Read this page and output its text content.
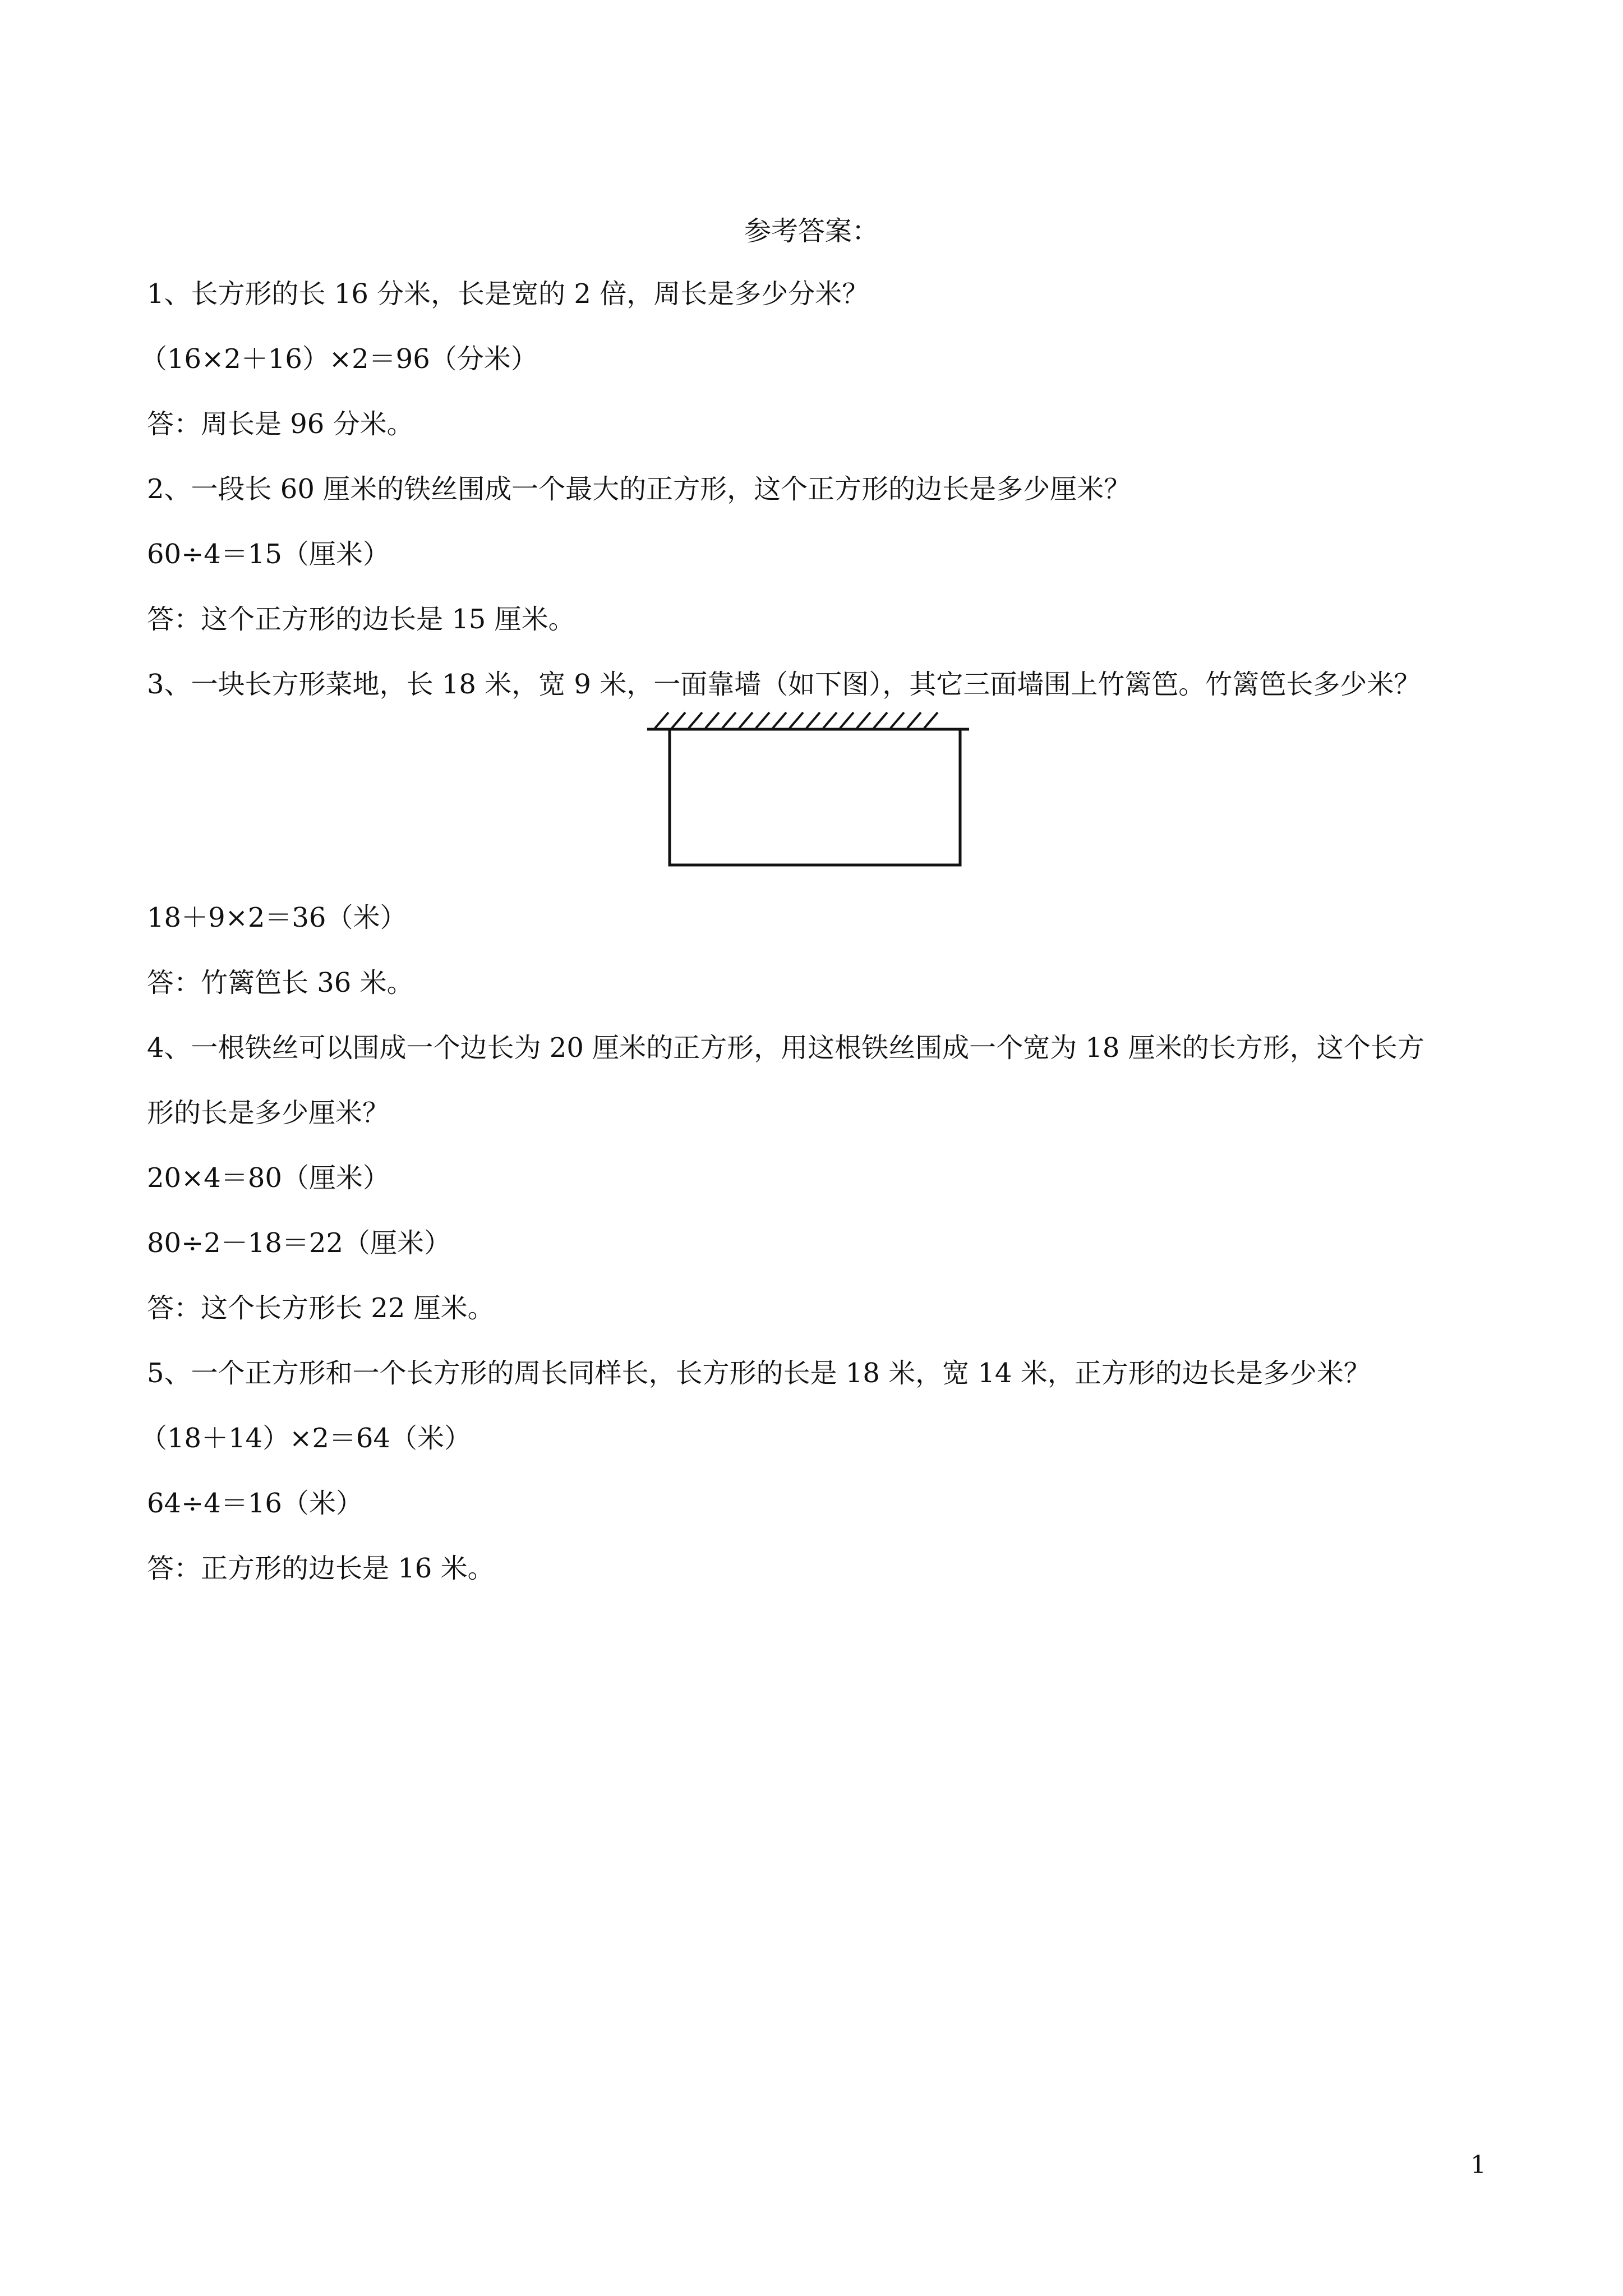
参考答案：
1、长方形的长 16 分米，长是宽的 2 倍，周长是多少分米？
（16×2＋16）×2＝96（分米）
答：周长是 96 分米。
2、一段长 60 厘米的铁丝围成一个最大的正方形，这个正方形的边长是多少厘米？
60÷4＝15（厘米）
答：这个正方形的边长是 15 厘米。
3、一块长方形菜地，长 18 米，宽 9 米，一面靠墙（如下图），其它三面墙围上竹篱笆。竹篱笆长多少米？
18＋9×2＝36（米）
答：竹篱笆长 36 米。
4、一根铁丝可以围成一个边长为 20 厘米的正方形，用这根铁丝围成一个宽为 18 厘米的长方形，这个长方
形的长是多少厘米？
20×4＝80（厘米）
80÷2－18＝22（厘米）
答：这个长方形长 22 厘米。
5、一个正方形和一个长方形的周长同样长，长方形的长是 18 米，宽 14 米，正方形的边长是多少米？
（18＋14）×2＝64（米）
64÷4＝16（米）
答：正方形的边长是 16 米。
1
